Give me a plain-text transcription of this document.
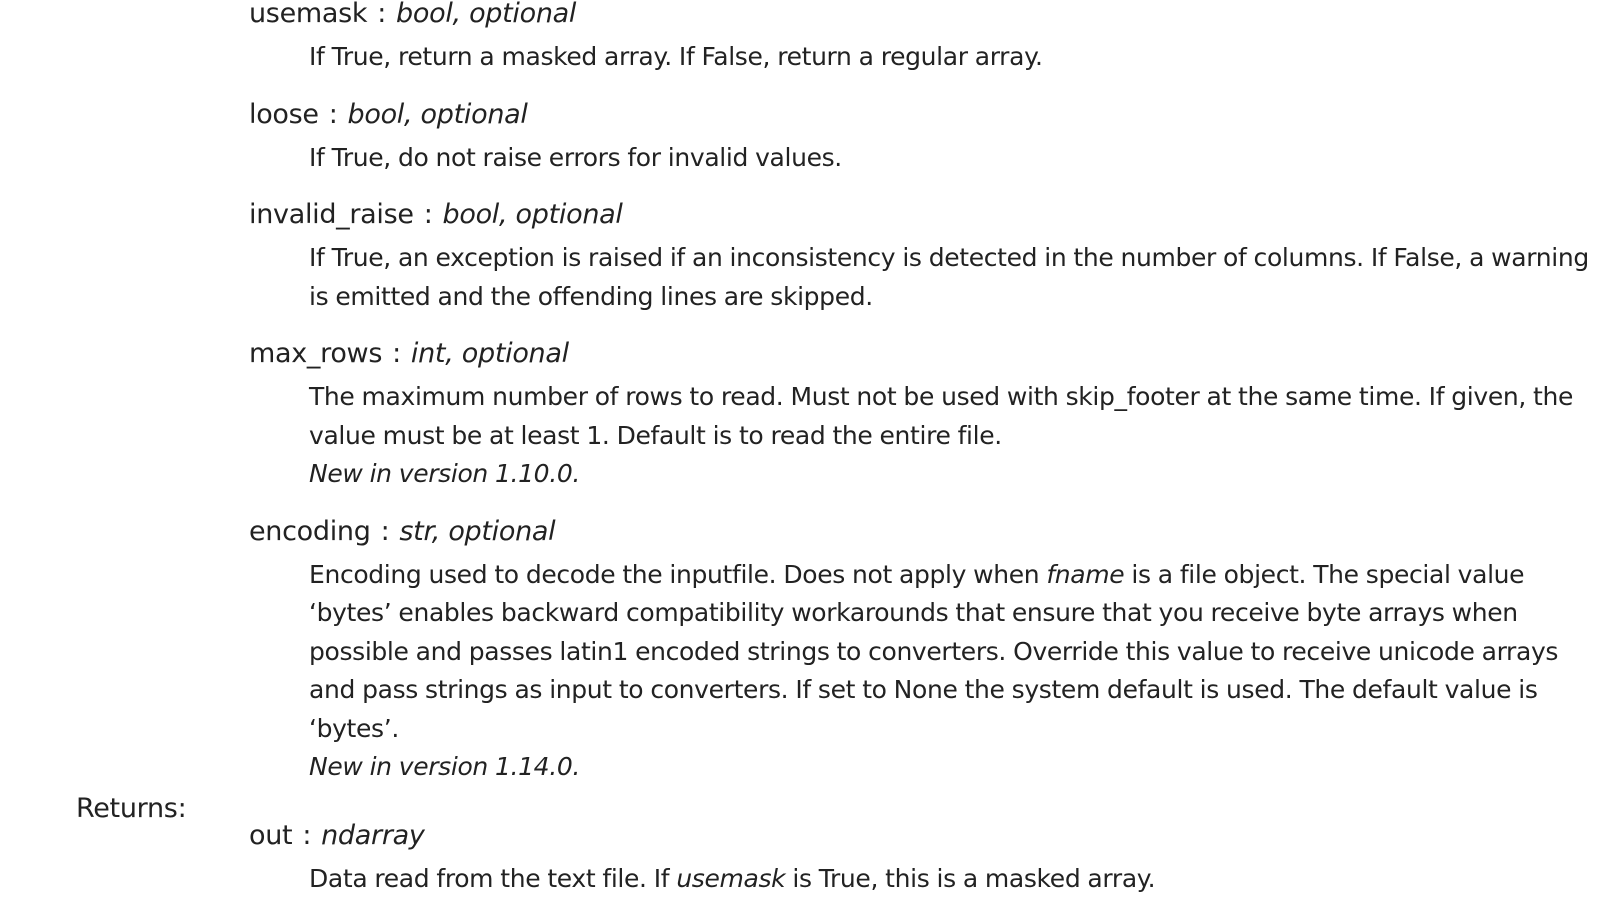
usemask : bool, optional

If True, return a masked array. If False, return a regular array.

loose : bool, optional

If True, do not raise errors for invalid values.

invalid_raise : bool, optional

If True, an exception is raised if an inconsistency is detected in the number of columns. If False, a warning is emitted and the offending lines are skipped.

max_rows : int, optional

The maximum number of rows to read. Must not be used with skip_footer at the same time. If given, the value must be at least 1. Default is to read the entire file.

New in version 1.10.0.

encoding : str, optional

Encoding used to decode the inputfile. Does not apply when fname is a file object. The special value ‘bytes’ enables backward compatibility workarounds that ensure that you receive byte arrays when possible and passes latin1 encoded strings to converters. Override this value to receive unicode arrays and pass strings as input to converters. If set to None the system default is used. The default value is ‘bytes’.

New in version 1.14.0.

Returns:
out : ndarray

Data read from the text file. If usemask is True, this is a masked array.
